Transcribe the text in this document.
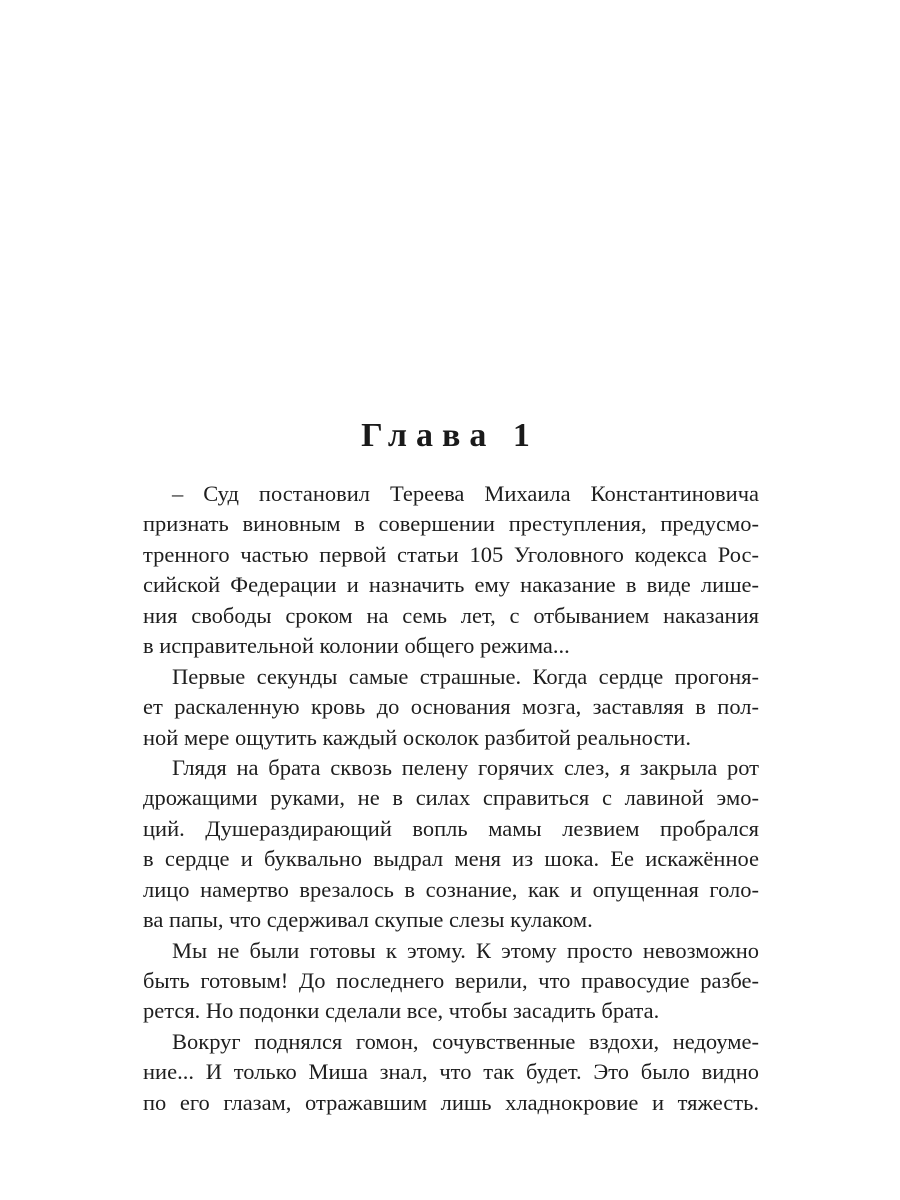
Глава 1
– Суд постановил Тереева Михаила Константиновича
признать виновным в совершении преступления, предусмо-
тренного частью первой статьи 105 Уголовного кодекса Рос-
сийской Федерации и назначить ему наказание в виде лише-
ния свободы сроком на семь лет, с отбыванием наказания
в исправительной колонии общего режима...
Первые секунды самые страшные. Когда сердце прогоня-
ет раскаленную кровь до основания мозга, заставляя в пол-
ной мере ощутить каждый осколок разбитой реальности.
Глядя на брата сквозь пелену горячих слез, я закрыла рот
дрожащими руками, не в силах справиться с лавиной эмо-
ций. Душераздирающий вопль мамы лезвием пробрался
в сердце и буквально выдрал меня из шока. Ее искажённое
лицо намертво врезалось в сознание, как и опущенная голо-
ва папы, что сдерживал скупые слезы кулаком.
Мы не были готовы к этому. К этому просто невозможно
быть готовым! До последнего верили, что правосудие разбе-
рется. Но подонки сделали все, чтобы засадить брата.
Вокруг поднялся гомон, сочувственные вздохи, недоуме-
ние... И только Миша знал, что так будет. Это было видно
по его глазам, отражавшим лишь хладнокровие и тяжесть.
